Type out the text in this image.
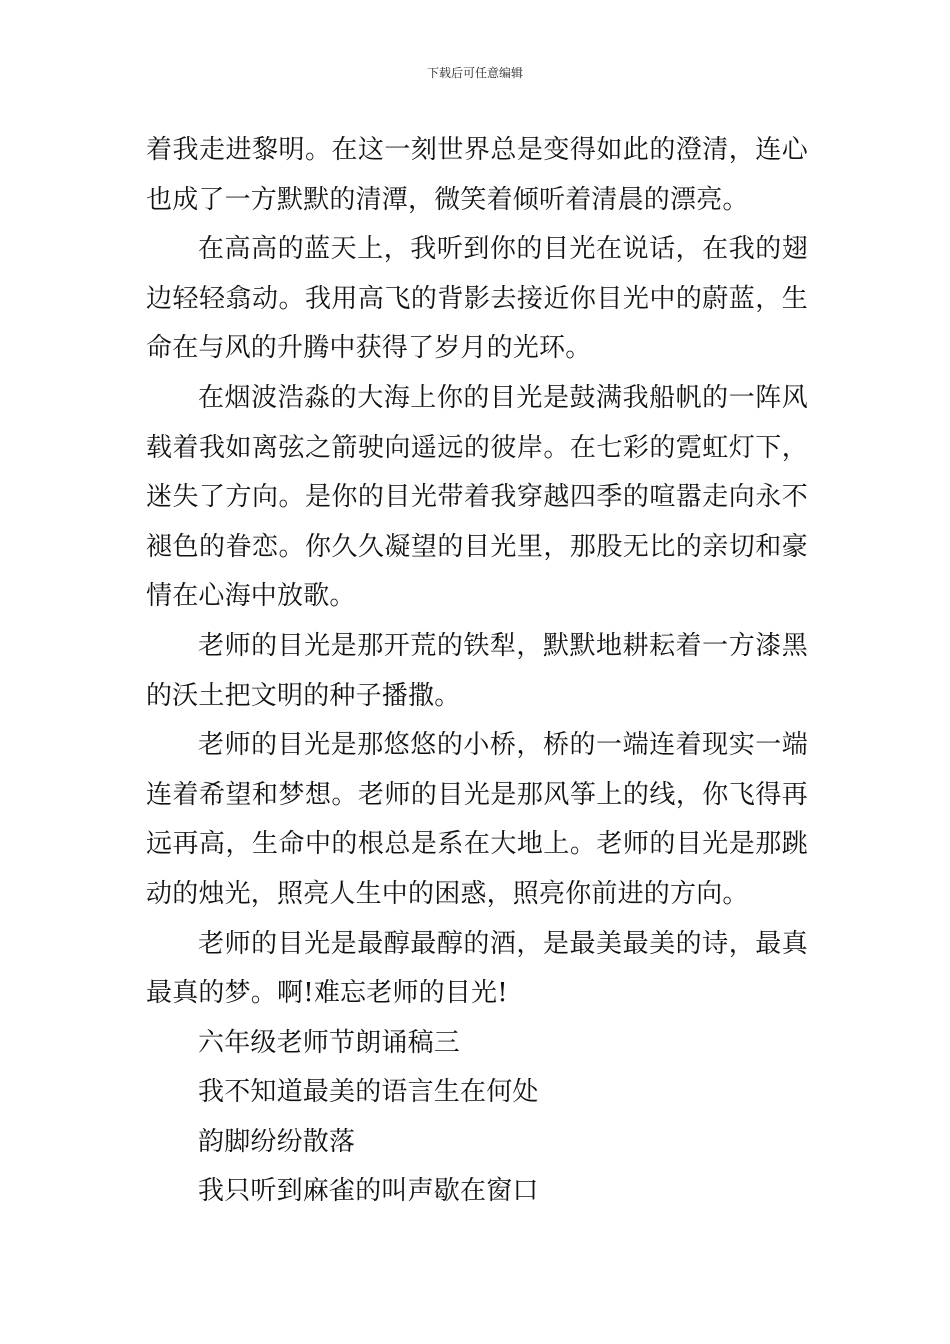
下载后可任意编辑

着我走进黎明。在这一刻世界总是变得如此的澄清，连心也成了一方默默的清潭，微笑着倾听着清晨的漂亮。

在高高的蓝天上，我听到你的目光在说话，在我的翅边轻轻翕动。我用高飞的背影去接近你目光中的蔚蓝，生命在与风的升腾中获得了岁月的光环。

在烟波浩淼的大海上你的目光是鼓满我船帆的一阵风载着我如离弦之箭驶向遥远的彼岸。在七彩的霓虹灯下，迷失了方向。是你的目光带着我穿越四季的喧嚣走向永不褪色的眷恋。你久久凝望的目光里，那股无比的亲切和豪情在心海中放歌。

老师的目光是那开荒的铁犁，默默地耕耘着一方漆黑的沃土把文明的种子播撒。

老师的目光是那悠悠的小桥，桥的一端连着现实一端连着希望和梦想。老师的目光是那风筝上的线，你飞得再远再高，生命中的根总是系在大地上。老师的目光是那跳动的烛光，照亮人生中的困惑，照亮你前进的方向。

老师的目光是最醇最醇的酒，是最美最美的诗，最真最真的梦。啊!难忘老师的目光!

六年级老师节朗诵稿三

我不知道最美的语言生在何处

韵脚纷纷散落

我只听到麻雀的叫声歇在窗口
